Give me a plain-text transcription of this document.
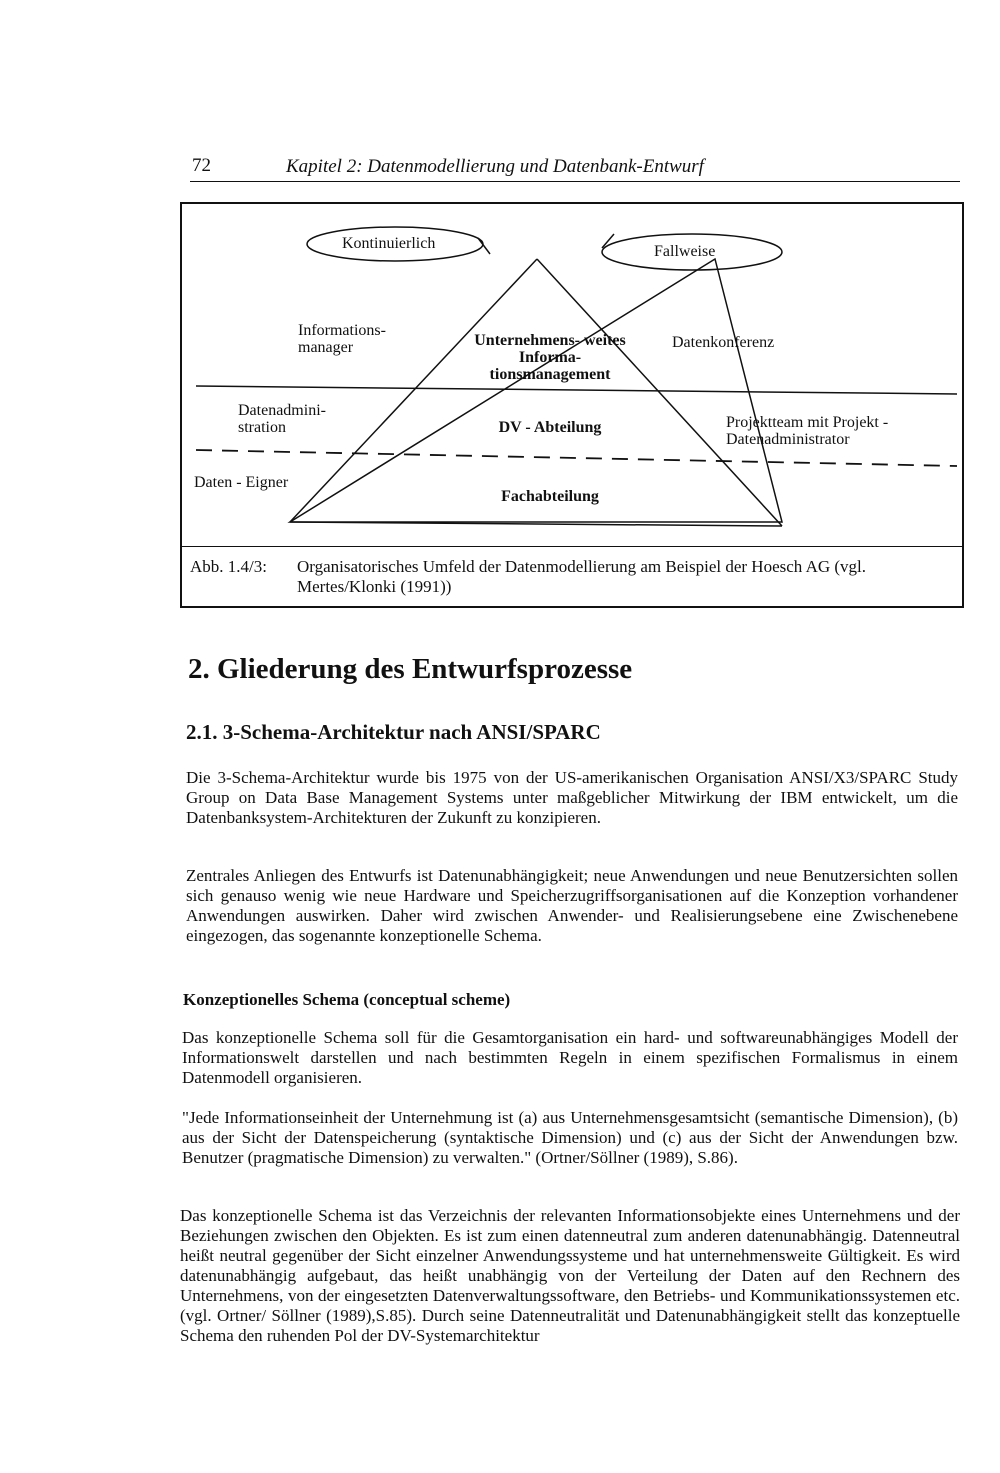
72	Kapitel 2: Datenmodellierung und Datenbank-Entwurf
Kontinuierlich	Fallweise
Informations- manager	Unternehmens- weites Informa- tionsmanagement
Datenkonferenz
Datenadmini- stration	DV - Abteilung	Projektteam mit Projekt - Datenadministrator
Daten - Eigner
Fachabteilung
Abb. 1.4/3: Organisatorisches Umfeld der Datenmodellierung am Beispiel der Hoesch AG (vgl. Mertes/Klonki (1991))
2. Gliederung des Entwurfsprozesse
2.1. 3-Schema-Architektur nach ANSI/SPARC

Die 3-Schema-Architektur wurde bis 1975 von der US-amerikanischen Organisation ANSI/X3/SPARC Study Group on Data Base Management Systems unter maßgeblicher Mitwirkung der IBM entwickelt, um die Datenbanksystem-Architekturen der Zukunft zu konzipieren.

Zentrales Anliegen des Entwurfs ist Datenunabhängigkeit; neue Anwendungen und neue Benutzersichten sollen sich genauso wenig wie neue Hardware und Speicherzugriffsorganisationen auf die Konzeption vorhandener Anwendungen auswirken. Daher wird zwischen Anwender- und Realisierungsebene eine Zwischenebene eingezogen, das sogenannte konzeptionelle Schema.

Konzeptionelles Schema (conceptual scheme)

Das konzeptionelle Schema soll für die Gesamtorganisation ein hard- und softwareunabhängiges Modell der Informationswelt darstellen und nach bestimmten Regeln in einem spezifischen Formalismus in einem Datenmodell organisieren.

"Jede Informationseinheit der Unternehmung ist (a) aus Unternehmensgesamtsicht (semantische Dimension), (b) aus der Sicht der Datenspeicherung (syntaktische Dimension) und (c) aus der Sicht der Anwendungen bzw. Benutzer (pragmatische Dimension) zu verwalten." (Ortner/Söllner (1989), S.86).

Das konzeptionelle Schema ist das Verzeichnis der relevanten Informationsobjekte eines Unternehmens und der Beziehungen zwischen den Objekten. Es ist zum einen datenneutral zum anderen datenunabhängig. Datenneutral heißt neutral gegenüber der Sicht einzelner Anwendungssysteme und hat unternehmensweite Gültigkeit. Es wird datenunabhängig aufgebaut, das heißt unabhängig von der Verteilung der Daten auf den Rechnern des Unternehmens, von der eingesetzten Datenverwaltungssoftware, den Betriebs- und Kommunikationssystemen etc. (vgl. Ortner/ Söllner (1989),S.85). Durch seine Datenneutralität und Datenunabhängigkeit stellt das konzeptuelle Schema den ruhenden Pol der DV-Systemarchitektur
